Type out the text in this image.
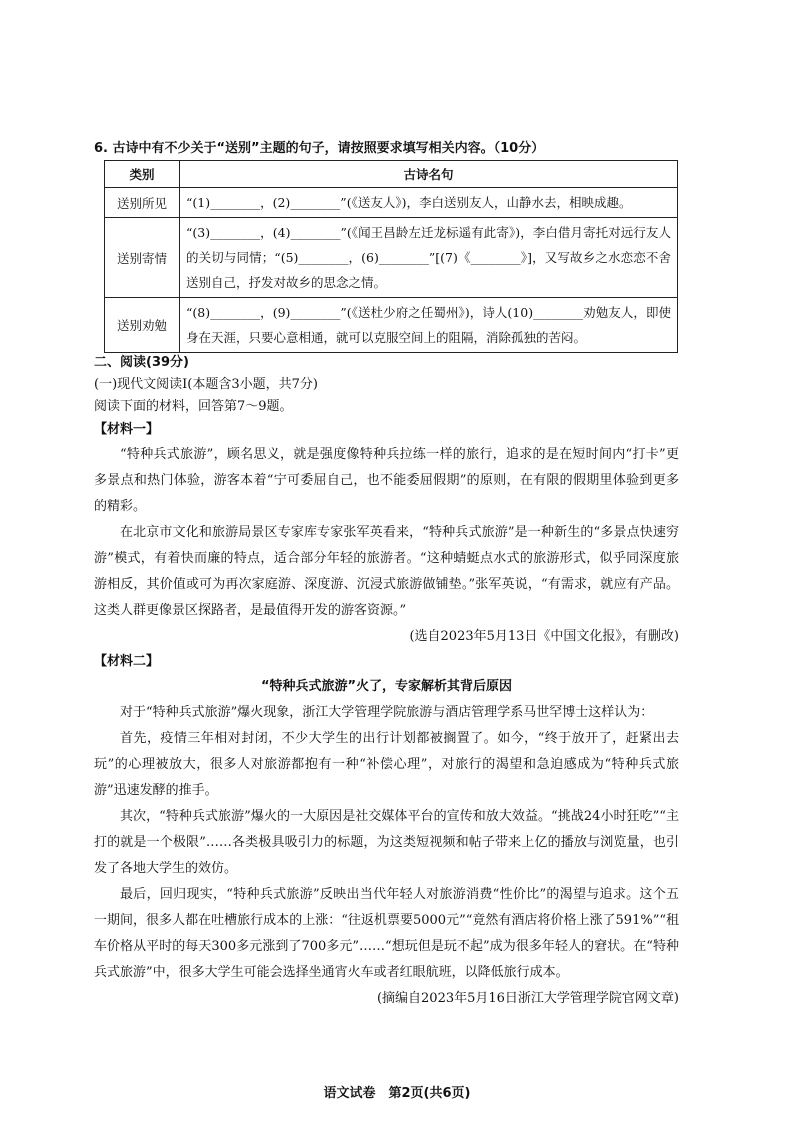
6. 古诗中有不少关于“送别”主题的句子，请按照要求填写相关内容。（10分）
类别	古诗名句
送别所见	“(1)________，(2)________”(《送友人》)，李白送别友人，山静水去，相映成趣。
送别寄情	“(3)________，(4)________”(《闻王昌龄左迁龙标遥有此寄》)，李白借月寄托对远行友人的关切与同情；“(5)________，(6)________”[(7)《________》]，又写故乡之水恋恋不舍送别自己，抒发对故乡的思念之情。
送别劝勉	“(8)________，(9)________”(《送杜少府之任蜀州》)，诗人(10)________劝勉友人，即使身在天涯，只要心意相通，就可以克服空间上的阻隔，消除孤独的苦闷。
二、阅读(39分)
(一)现代文阅读Ⅰ(本题含3小题，共7分)
阅读下面的材料，回答第7～9题。
【材料一】

“特种兵式旅游”，顾名思义，就是强度像特种兵拉练一样的旅行，追求的是在短时间内“打卡”更多景点和热门体验，游客本着“宁可委屈自己，也不能委屈假期”的原则，在有限的假期里体验到更多的精彩。

在北京市文化和旅游局景区专家库专家张军英看来，“特种兵式旅游”是一种新生的“多景点快速穷游”模式，有着快而廉的特点，适合部分年轻的旅游者。“这种蜻蜓点水式的旅游形式，似乎同深度旅游相反，其价值或可为再次家庭游、深度游、沉浸式旅游做铺垫。”张军英说，“有需求，就应有产品。这类人群更像景区探路者，是最值得开发的游客资源。”

(选自2023年5月13日《中国文化报》，有删改)
【材料二】
“特种兵式旅游”火了，专家解析其背后原因

对于“特种兵式旅游”爆火现象，浙江大学管理学院旅游与酒店管理学系马世罕博士这样认为：

首先，疫情三年相对封闭，不少大学生的出行计划都被搁置了。如今，“终于放开了，赶紧出去玩”的心理被放大，很多人对旅游都抱有一种“补偿心理”，对旅行的渴望和急迫感成为“特种兵式旅游”迅速发酵的推手。

其次，“特种兵式旅游”爆火的一大原因是社交媒体平台的宣传和放大效益。“挑战24小时狂吃”“主打的就是一个极限”……各类极具吸引力的标题，为这类短视频和帖子带来上亿的播放与浏览量，也引发了各地大学生的效仿。

最后，回归现实，“特种兵式旅游”反映出当代年轻人对旅游消费“性价比”的渴望与追求。这个五一期间，很多人都在吐槽旅行成本的上涨：“往返机票要5000元”“竟然有酒店将价格上涨了591%”“租车价格从平时的每天300多元涨到了700多元”……“想玩但是玩不起”成为很多年轻人的窘状。在“特种兵式旅游”中，很多大学生可能会选择坐通宵火车或者红眼航班，以降低旅行成本。

(摘编自2023年5月16日浙江大学管理学院官网文章)
语文试卷　第2页(共6页)
